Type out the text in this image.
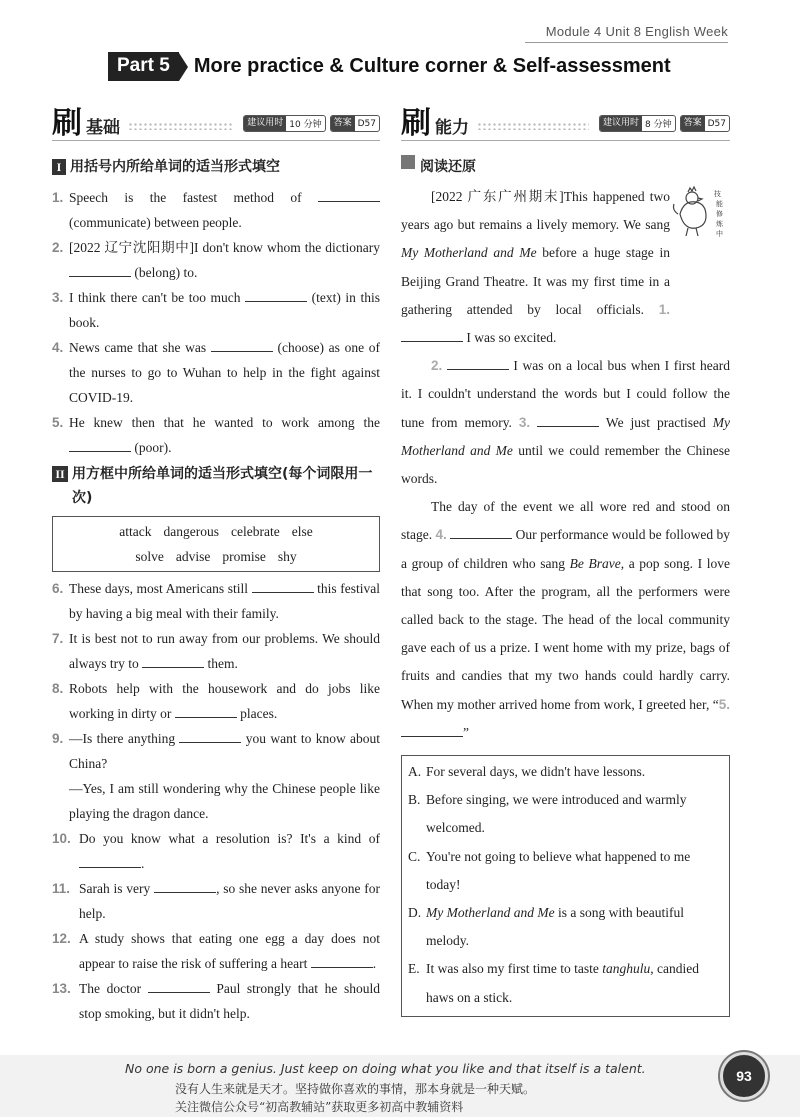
Module 4 Unit 8 English Week
Part 5	More practice & Culture corner & Self-assessment
刷 基础	建议用时 10 分钟	答案 D57
I 用括号内所给单词的适当形式填空
1. Speech is the fastest method of  (communicate) between people.
2. [2022 辽宁沈阳期中]I don't know whom the dictionary  (belong) to.
3. I think there can't be too much	(text) in this book.
4. News came that she was	(choose) as one of the nurses to go to Wuhan to help in the fight against COVID-19.
5. He knew then that he wanted to work among the  (poor).
II 用方框中所给单词的适当形式填空(每个词限用一次)
attack dangerous celebrate else
solve advise promise shy
6. These days, most Americans still	this festival by having a big meal with their family.
7. It is best not to run away from our problems. We should always try to	them.
8. Robots help with the housework and do jobs like working in dirty or	places.
9. —Is there anything	you want to know about China?
—Yes, I am still wondering why the Chinese people like playing the dragon dance.
10. Do you know what a resolution is? It's a kind of .
11. Sarah is very	, so she never asks anyone for help.
12. A study shows that eating one egg a day does not appear to raise the risk of suffering a heart	.
13. The doctor	Paul strongly that he should stop smoking, but it didn't help.
刷 能力	建议用时 8 分钟	答案 D57
阅读还原
技
能
修
炼
中

[2022 广东广州期末]This happened two years ago but remains a lively memory. We sang My Motherland and Me before a huge stage in Beijing Grand Theatre. It was my first time in a gathering attended by local officials. 1.  I was so excited.

2.	I was on a local bus when I first heard it. I couldn't understand the words but I could follow the tune from memory. 3.	We just practised My Motherland and Me until we could remember the Chinese words.

The day of the event we all wore red and stood on stage. 4.	Our performance would be followed by a group of children who sang Be Brave, a pop song. I love that song too. After the program, all the performers were called back to the stage. The head of the local community gave each of us a prize. I went home with my prize, bags of fruits and candies that my two hands could hardly carry. When my mother arrived home from work, I greeted her, “5. ”

A. For several days, we didn't have lessons.
B. Before singing, we were introduced and warmly welcomed.
C. You're not going to believe what happened to me today!
D. My Motherland and Me is a song with beautiful melody.
E. It was also my first time to taste tanghulu, candied haws on a stick.
No one is born a genius. Just keep on doing what you like and that itself is a talent.
没有人生来就是天才。坚持做你喜欢的事情，那本身就是一种天赋。
关注微信公众号“初高教辅站”获取更多初高中教辅资料
93
